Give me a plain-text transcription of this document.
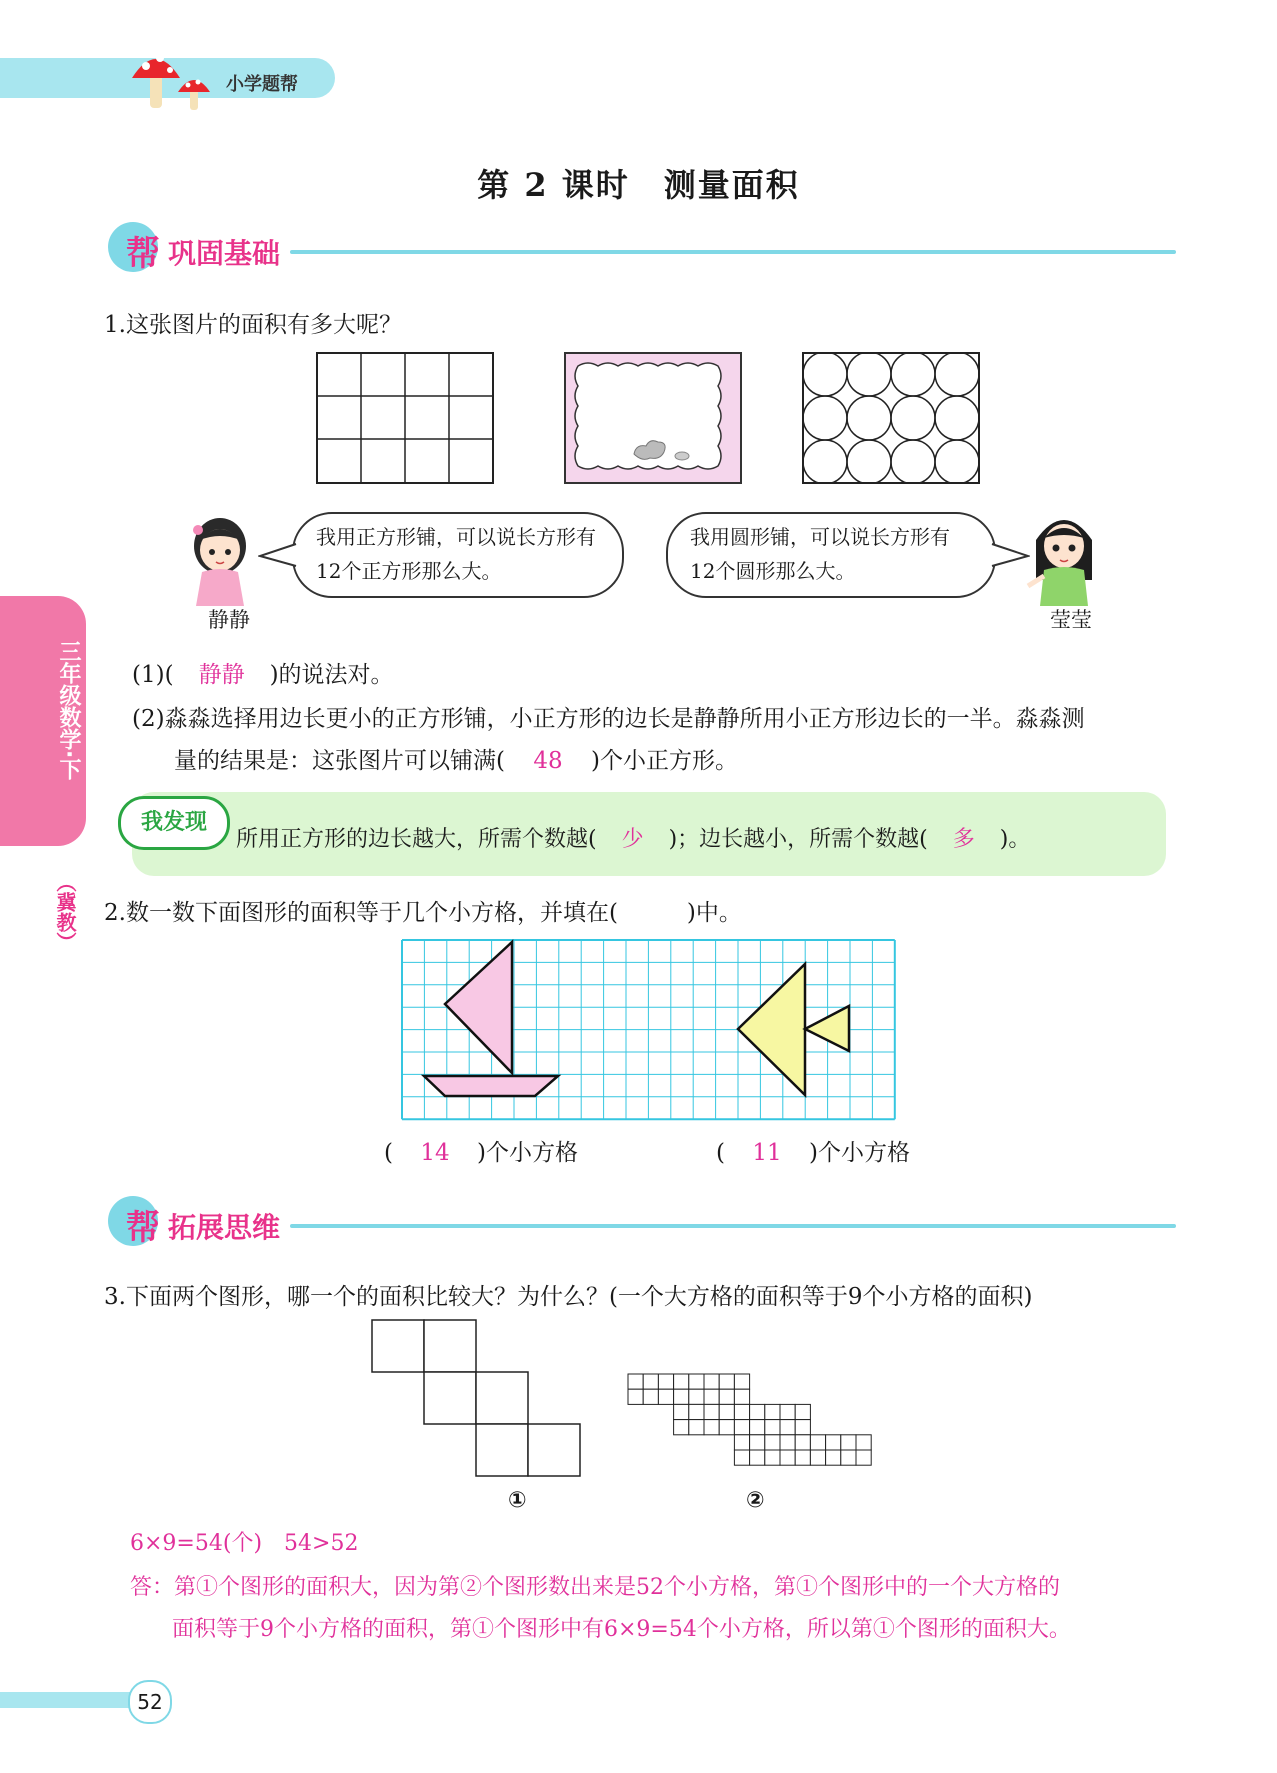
小学题帮
第 2 课时　测量面积
帮 巩固基础
1.这张图片的面积有多大呢？
静静
我用正方形铺，可以说长方形有12个正方形那么大。
我用圆形铺，可以说长方形有12个圆形那么大。
莹莹
(1)( 静静 )的说法对。
(2)淼淼选择用边长更小的正方形铺，小正方形的边长是静静所用小正方形边长的一半。淼淼测
量的结果是：这张图片可以铺满( 48 )个小正方形。
我发现
所用正方形的边长越大，所需个数越( 少 )；边长越小，所需个数越( 多 )。
三年级数学·下
（冀教） 2.数一数下面图形的面积等于几个小方格，并填在(　　　)中。
( 14 )个小方格	( 11 )个小方格
帮 拓展思维
3.下面两个图形，哪一个的面积比较大？为什么？(一个大方格的面积等于9个小方格的面积)
①	②
6×9=54(个)　54>52
答：第①个图形的面积大，因为第②个图形数出来是52个小方格，第①个图形中的一个大方格的
面积等于9个小方格的面积，第①个图形中有6×9=54个小方格，所以第①个图形的面积大。
52
